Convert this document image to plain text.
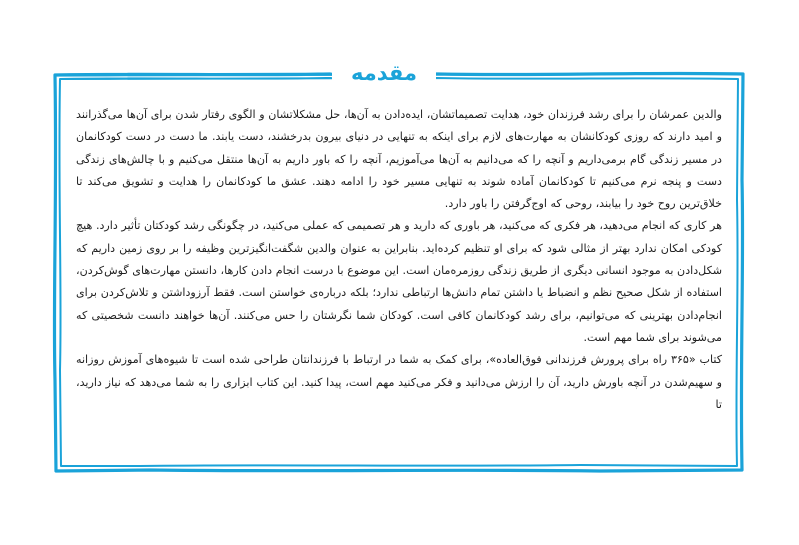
مقدمه

والدین عمرشان را برای رشد فرزندان خود، هدایت تصمیماتشان، ایده‌دادن به آن‌ها، حل مشکلاتشان و الگوی رفتار شدن برای آن‌ها می‌گذرانند و امید دارند که روزی کودکانشان به مهارت‌های لازم برای اینکه به تنهایی در دنیای بیرون بدرخشند، دست یابند. ما دست در دست کودکانمان در مسیر زندگی گام برمی‌داریم و آنچه را که می‌دانیم به آن‌ها می‌آموزیم، آنچه را که باور داریم به آن‌ها منتقل می‌کنیم و با چالش‌های زندگی دست و پنجه نرم می‌کنیم تا کودکانمان آماده شوند به تنهایی مسیر خود را ادامه دهند. عشق ما کودکانمان را هدایت و تشویق می‌کند تا خلاق‌ترین روح خود را بیابند، روحی که اوج‌گرفتن را باور دارد.

هر کاری که انجام می‌دهید، هر فکری که می‌کنید، هر باوری که دارید و هر تصمیمی که عملی می‌کنید، در چگونگی رشد کودکتان تأثیر دارد. هیچ کودکی امکان ندارد بهتر از مثالی شود که برای او تنظیم کرده‌اید. بنابراین به عنوان والدین شگفت‌انگیزترین وظیفه را بر روی زمین داریم که شکل‌دادن به موجود انسانی دیگری از طریق زندگی روزمره‌مان است. این موضوع با درست انجام دادن کارها، دانستن مهارت‌های گوش‌کردن، استفاده از شکل صحیح نظم و انضباط یا داشتن تمام دانش‌ها ارتباطی ندارد؛ بلکه درباره‌ی خواستن است. فقط آرزوداشتن و تلاش‌کردن برای انجام‌دادن بهترینی که می‌توانیم، برای رشد کودکانمان کافی است. کودکان شما نگرشتان را حس می‌کنند. آن‌ها خواهند دانست شخصیتی که می‌شوند برای شما مهم است.

کتاب «۳۶۵ راه برای پرورش فرزندانی فوق‌العاده»، برای کمک به شما در ارتباط با فرزندانتان طراحی شده است تا شیوه‌های آموزش روزانه و سهیم‌شدن در آنچه باورش دارید، آن را ارزش می‌دانید و فکر می‌کنید مهم است، پیدا کنید. این کتاب ابزاری را به شما می‌دهد که نیاز دارید، تا
